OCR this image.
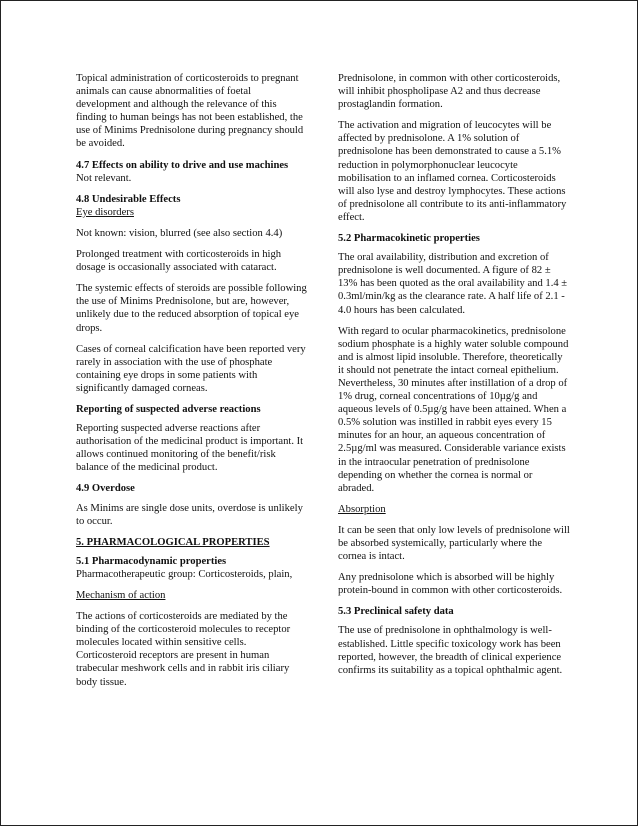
Topical administration of corticosteroids to pregnant animals can cause abnormalities of foetal development and although the relevance of this finding to human beings has not been established, the use of Minims Prednisolone during pregnancy should be avoided.

4.7 Effects on ability to drive and use machines

Not relevant.

4.8 Undesirable Effects

Eye disorders

Not known: vision, blurred (see also section 4.4)

Prolonged treatment with corticosteroids in high dosage is occasionally associated with cataract.

The systemic effects of steroids are possible following the use of Minims Prednisolone, but are, however, unlikely due to the reduced absorption of topical eye drops.

Cases of corneal calcification have been reported very rarely in association with the use of phosphate containing eye drops in some patients with significantly damaged corneas.

Reporting of suspected adverse reactions

Reporting suspected adverse reactions after authorisation of the medicinal product is important. It allows continued monitoring of the benefit/risk balance of the medicinal product.

4.9 Overdose

As Minims are single dose units, overdose is unlikely to occur.

5. PHARMACOLOGICAL PROPERTIES
5.1 Pharmacodynamic properties

Pharmacotherapeutic group: Corticosteroids, plain,

Mechanism of action

The actions of corticosteroids are mediated by the binding of the corticosteroid molecules to receptor molecules located within sensitive cells. Corticosteroid receptors are present in human trabecular meshwork cells and in rabbit iris ciliary body tissue.

Prednisolone, in common with other corticosteroids, will inhibit phospholipase A2 and thus decrease prostaglandin formation.

The activation and migration of leucocytes will be affected by prednisolone. A 1% solution of prednisolone has been demonstrated to cause a 5.1% reduction in polymorphonuclear leucocyte mobilisation to an inflamed cornea. Corticosteroids will also lyse and destroy lymphocytes. These actions of prednisolone all contribute to its anti-inflammatory effect.

5.2 Pharmacokinetic properties

The oral availability, distribution and excretion of prednisolone is well documented. A figure of 82 ± 13% has been quoted as the oral availability and 1.4 ± 0.3ml/min/kg as the clearance rate. A half life of 2.1 - 4.0 hours has been calculated.

With regard to ocular pharmacokinetics, prednisolone sodium phosphate is a highly water soluble compound and is almost lipid insoluble. Therefore, theoretically it should not penetrate the intact corneal epithelium. Nevertheless, 30 minutes after instillation of a drop of 1% drug, corneal concentrations of 10µg/g and aqueous levels of 0.5µg/g have been attained. When a 0.5% solution was instilled in rabbit eyes every 15 minutes for an hour, an aqueous concentration of 2.5µg/ml was measured. Considerable variance exists in the intraocular penetration of prednisolone depending on whether the cornea is normal or abraded.

Absorption

It can be seen that only low levels of prednisolone will be absorbed systemically, particularly where the cornea is intact.

Any prednisolone which is absorbed will be highly protein-bound in common with other corticosteroids.

5.3 Preclinical safety data

The use of prednisolone in ophthalmology is well-established. Little specific toxicology work has been reported, however, the breadth of clinical experience confirms its suitability as a topical ophthalmic agent.
